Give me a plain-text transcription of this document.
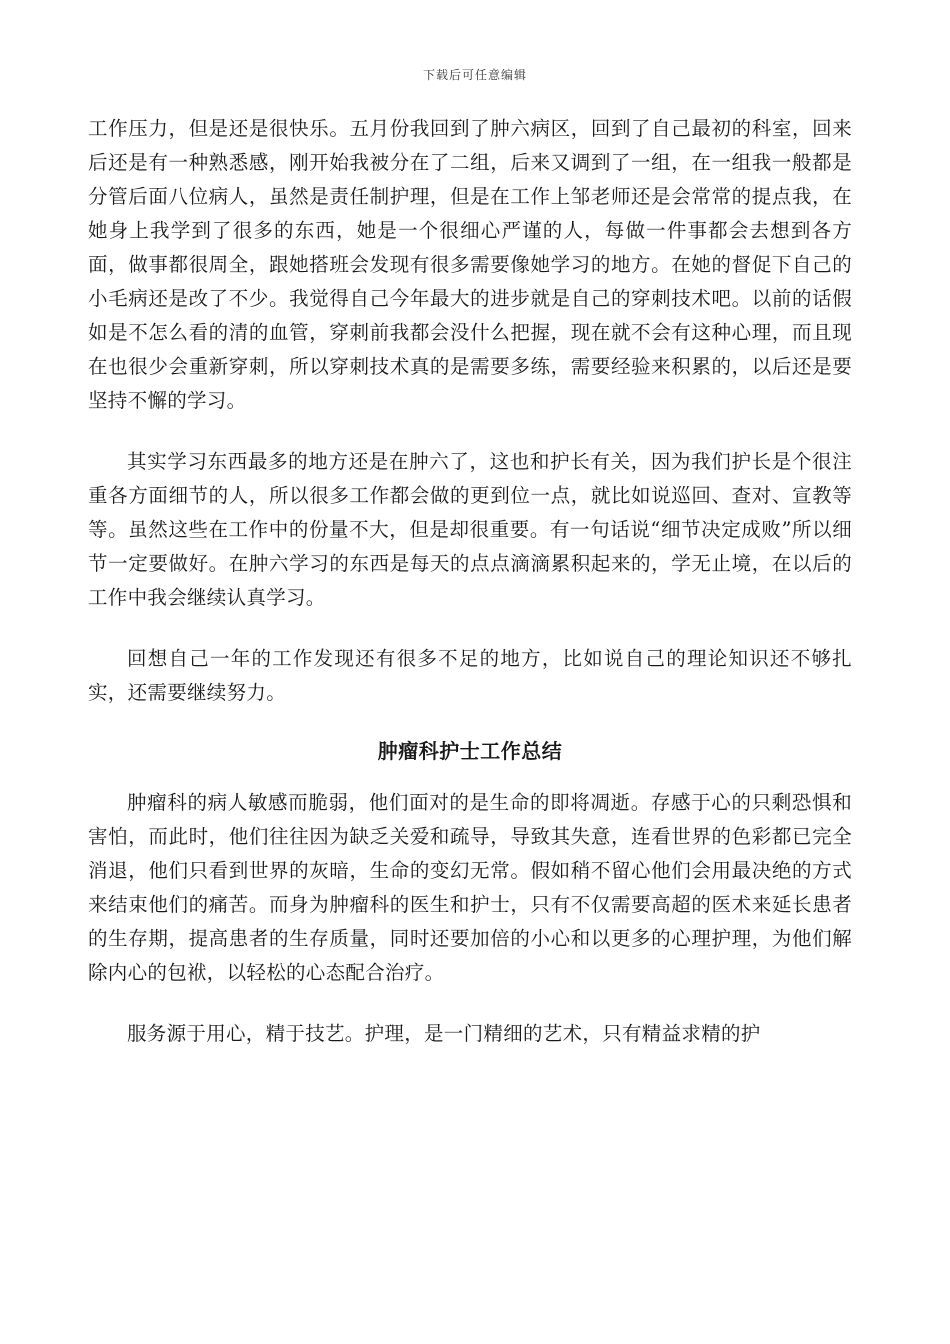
下载后可任意编辑

工作压力，但是还是很快乐。五月份我回到了肿六病区，回到了自己最初的科室，回来后还是有一种熟悉感，刚开始我被分在了二组，后来又调到了一组，在一组我一般都是分管后面八位病人，虽然是责任制护理，但是在工作上邹老师还是会常常的提点我，在她身上我学到了很多的东西，她是一个很细心严谨的人，每做一件事都会去想到各方面，做事都很周全，跟她搭班会发现有很多需要像她学习的地方。在她的督促下自己的小毛病还是改了不少。我觉得自己今年最大的进步就是自己的穿刺技术吧。以前的话假如是不怎么看的清的血管，穿刺前我都会没什么把握，现在就不会有这种心理，而且现在也很少会重新穿刺，所以穿刺技术真的是需要多练，需要经验来积累的，以后还是要坚持不懈的学习。

其实学习东西最多的地方还是在肿六了，这也和护长有关，因为我们护长是个很注重各方面细节的人，所以很多工作都会做的更到位一点，就比如说巡回、查对、宣教等等。虽然这些在工作中的份量不大，但是却很重要。有一句话说“细节决定成败”所以细节一定要做好。在肿六学习的东西是每天的点点滴滴累积起来的，学无止境，在以后的工作中我会继续认真学习。

回想自己一年的工作发现还有很多不足的地方，比如说自己的理论知识还不够扎实，还需要继续努力。

肿瘤科护士工作总结

肿瘤科的病人敏感而脆弱，他们面对的是生命的即将凋逝。存感于心的只剩恐惧和害怕，而此时，他们往往因为缺乏关爱和疏导，导致其失意，连看世界的色彩都已完全消退，他们只看到世界的灰暗，生命的变幻无常。假如稍不留心他们会用最决绝的方式来结束他们的痛苦。而身为肿瘤科的医生和护士，只有不仅需要高超的医术来延长患者的生存期，提高患者的生存质量，同时还要加倍的小心和以更多的心理护理，为他们解除内心的包袱，以轻松的心态配合治疗。

服务源于用心，精于技艺。护理，是一门精细的艺术，只有精益求精的护
